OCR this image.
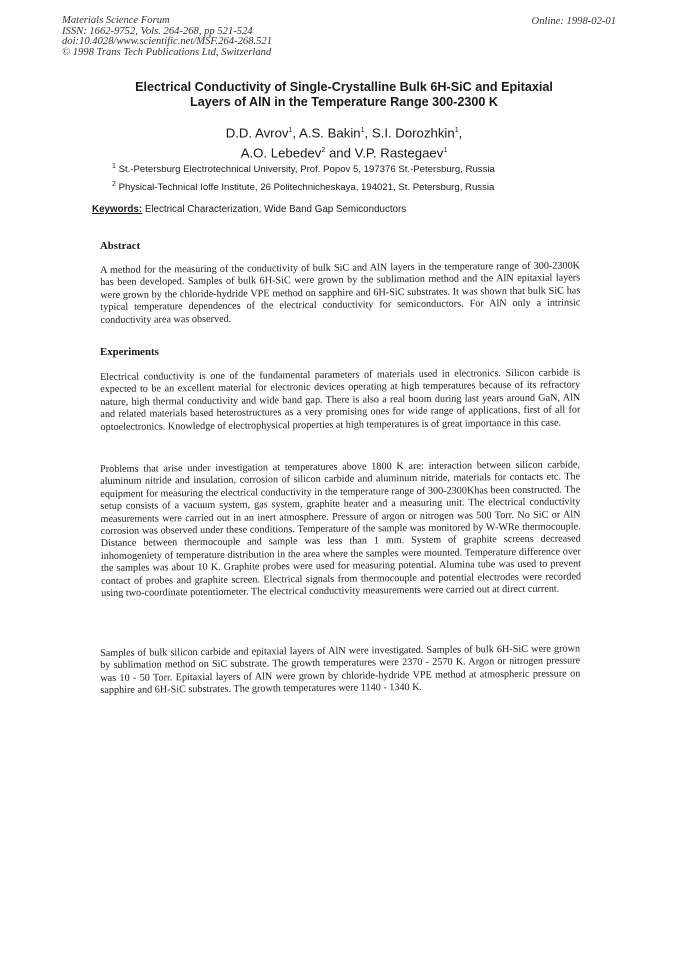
Materials Science Forum
ISSN: 1662-9752, Vols. 264-268, pp 521-524
doi:10.4028/www.scientific.net/MSF.264-268.521
© 1998 Trans Tech Publications Ltd, Switzerland
Online: 1998-02-01
Electrical Conductivity of Single-Crystalline Bulk 6H-SiC and Epitaxial
Layers of AlN in the Temperature Range 300-2300 K
D.D. Avrov$^1$, A.S. Bakin$^1$, S.I. Dorozhkin$^1$,
A.O. Lebedev$^2$ and V.P. Rastegaev$^1$
$^1$ St.-Petersburg Electrotechnical University, Prof. Popov 5, 197376 St.-Petersburg, Russia
$^2$ Physical-Technical Ioffe Institute, 26 Politechnicheskaya, 194021, St. Petersburg, Russia
Keywords: Electrical Characterization, Wide Band Gap Semiconductors
Abstract
A method for the measuring of the conductivity of bulk SiC and AlN layers in the temperature range of 300-2300K has been developed. Samples of bulk 6H-SiC were grown by the sublimation method and the AlN epitaxial layers were grown by the chloride-hydride VPE method on sapphire and 6H-SiC substrates. It was shown that bulk SiC has typical temperature dependences of the electrical conductivity for semiconductors. For AlN only a intrinsic conductivity area was observed.
Experiments
Electrical conductivity is one of the fundamental parameters of materials used in electronics. Silicon carbide is expected to be an excellent material for electronic devices operating at high temperatures because of its refractory nature, high thermal conductivity and wide band gap. There is also a real boom during last years around GaN, AlN and related materials based heterostructures as a very promising ones for wide range of applications, first of all for optoelectronics. Knowledge of electrophysical properties at high temperatures is of great importance in this case.
Problems that arise under investigation at temperatures above 1800 K are: interaction between silicon carbide, aluminum nitride and insulation, corrosion of silicon carbide and aluminum nitride, materials for contacts etc. The equipment for measuring the electrical conductivity in the temperature range of 300-2300Khas been constructed. The setup consists of a vacuum system, gas system, graphite heater and a measuring unit. The electrical conductivity measurements were carried out in an inert atmosphere. Pressure of argon or nitrogen was 500 Torr. No SiC or AlN corrosion was observed under these conditions. Temperature of the sample was monitored by W-WRe thermocouple. Distance between thermocouple and sample was less than 1 mm. System of graphite screens decreased inhomogeniety of temperature distribution in the area where the samples were mounted. Temperature difference over the samples was about 10 K. Graphite probes were used for measuring potential. Alumina tube was used to prevent contact of probes and graphite screen. Electrical signals from thermocouple and potential electrodes were recorded using two-coordinate potentiometer. The electrical conductivity measurements were carried out at direct current.
Samples of bulk silicon carbide and epitaxial layers of AlN were investigated. Samples of bulk 6H-SiC were grown by sublimation method on SiC substrate. The growth temperatures were 2370 - 2570 K. Argon or nitrogen pressure was 10 - 50 Torr. Epitaxial layers of AlN were grown by chloride-hydride VPE method at atmospheric pressure on sapphire and 6H-SiC substrates. The growth temperatures were 1140 - 1340 K.
